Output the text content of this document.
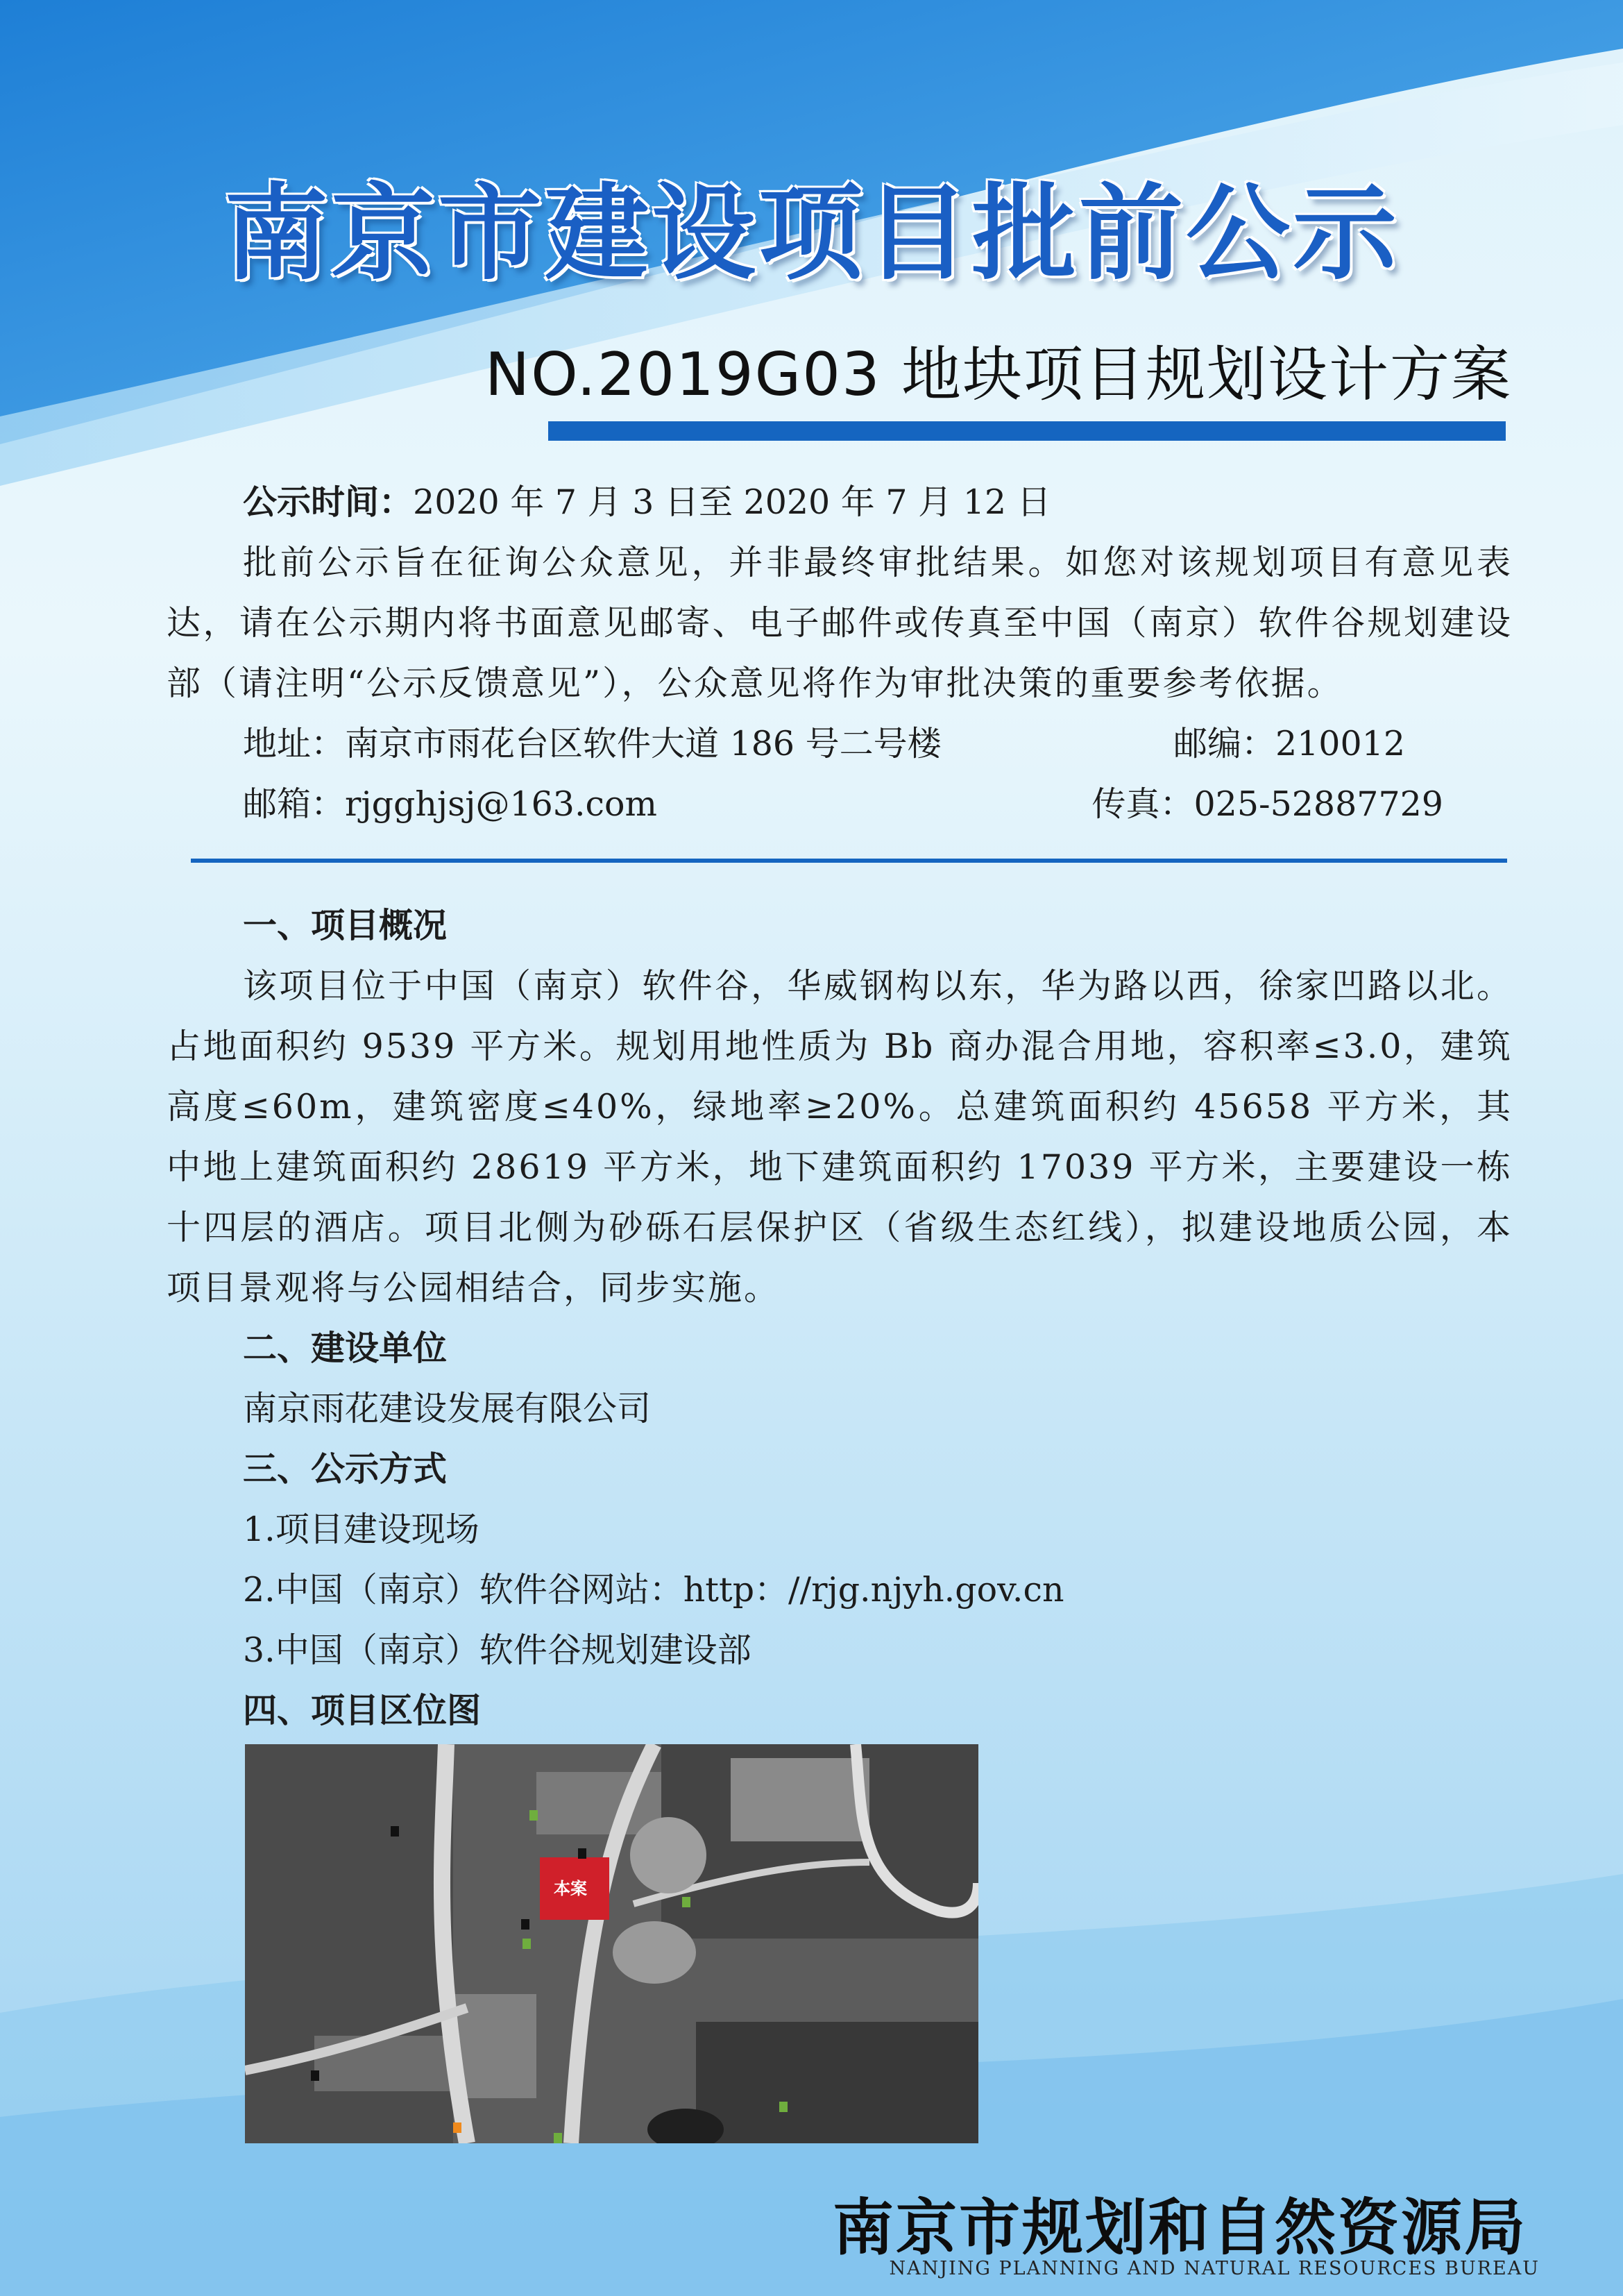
南京市建设项目批前公示
NO.2019G03 地块项目规划设计方案
公示时间：2020 年 7 月 3 日至 2020 年 7 月 12 日
批前公示旨在征询公众意见，并非最终审批结果。如您对该规划项目有意见表达，请在公示期内将书面意见邮寄、电子邮件或传真至中国（南京）软件谷规划建设部（请注明“公示反馈意见”），公众意见将作为审批决策的重要参考依据。
地址：南京市雨花台区软件大道 186 号二号楼	邮编：210012
邮箱：rjgghjsj@163.com	传真：025-52887729
一、项目概况
该项目位于中国（南京）软件谷，华威钢构以东，华为路以西，徐家凹路以北。占地面积约 9539 平方米。规划用地性质为 Bb 商办混合用地，容积率≤3.0，建筑高度≤60m，建筑密度≤40%，绿地率≥20%。总建筑面积约 45658 平方米，其中地上建筑面积约 28619 平方米，地下建筑面积约 17039 平方米，主要建设一栋十四层的酒店。项目北侧为砂砾石层保护区（省级生态红线），拟建设地质公园，本项目景观将与公园相结合，同步实施。
二、建设单位
南京雨花建设发展有限公司
三、公示方式
1.项目建设现场
2.中国（南京）软件谷网站：http：//rjg.njyh.gov.cn
3.中国（南京）软件谷规划建设部
四、项目区位图
本案

南京市规划和自然资源局
NANJING PLANNING AND NATURAL RESOURCES BUREAU
